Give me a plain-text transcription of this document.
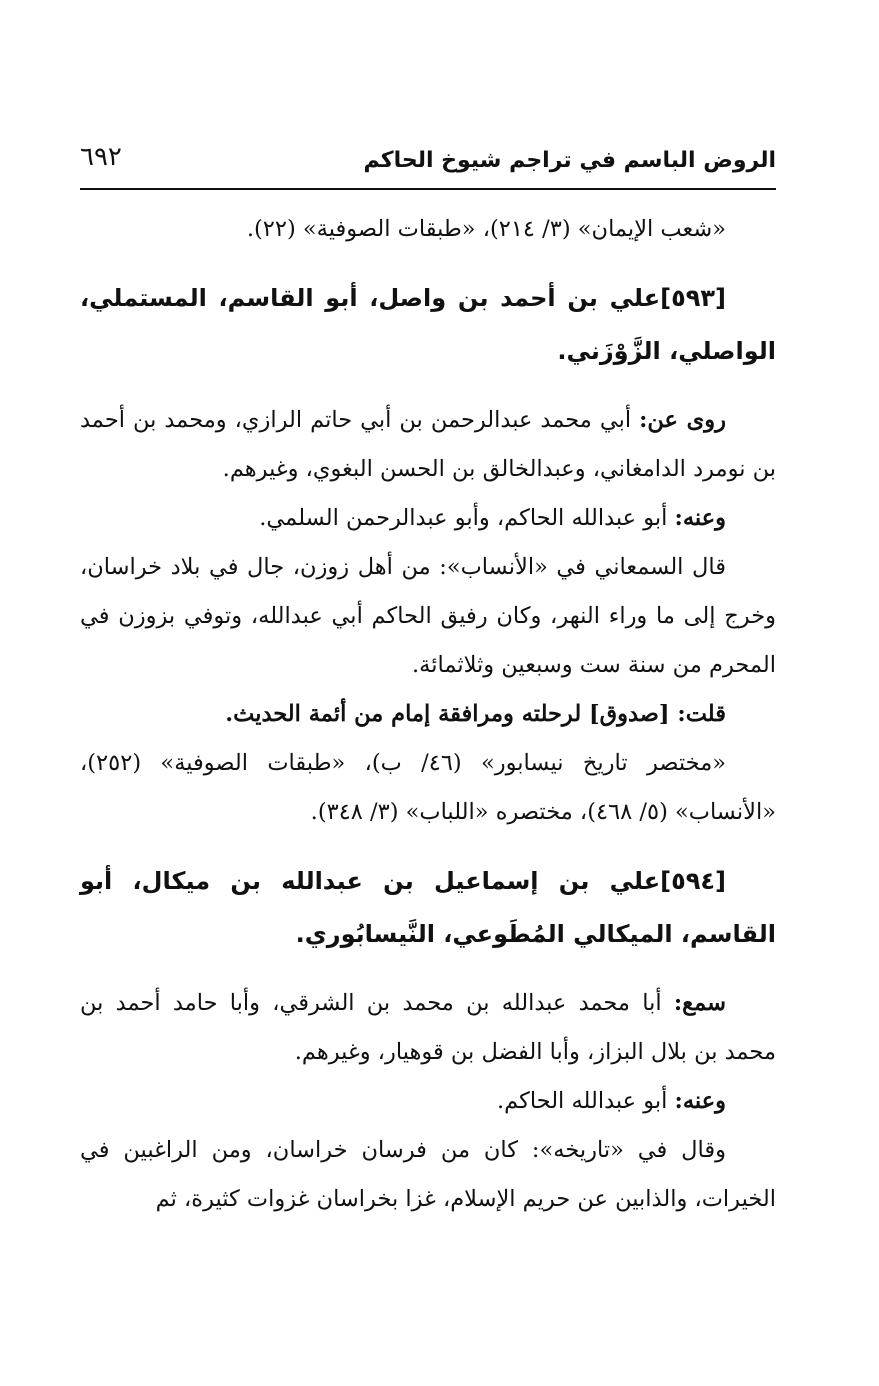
الروض الباسم في تراجم شيوخ الحاكم
٦٩٢

«شعب الإيمان» (٣/ ٢١٤)، «طبقات الصوفية» (٢٢).

[٥٩٣]علي بن أحمد بن واصل، أبو القاسم، المستملي، الواصلي، الزَّوْزَني.

روى عن: أبي محمد عبدالرحمن بن أبي حاتم الرازي، ومحمد بن أحمد بن نومرد الدامغاني، وعبدالخالق بن الحسن البغوي، وغيرهم.

وعنه: أبو عبدالله الحاكم، وأبو عبدالرحمن السلمي.

قال السمعاني في «الأنساب»: من أهل زوزن، جال في بلاد خراسان، وخرج إلى ما وراء النهر، وكان رفيق الحاكم أبي عبدالله، وتوفي بزوزن في المحرم من سنة ست وسبعين وثلاثمائة.

قلت: [صدوق] لرحلته ومرافقة إمام من أئمة الحديث.

«مختصر تاريخ نيسابور» (٤٦/ ب)، «طبقات الصوفية» (٢٥٢)، «الأنساب» (٥/ ٤٦٨)، مختصره «اللباب» (٣/ ٣٤٨).

[٥٩٤]علي بن إسماعيل بن عبدالله بن ميكال، أبو القاسم، الميكالي المُطَوعي، النَّيسابُوري.

سمع: أبا محمد عبدالله بن محمد بن الشرقي، وأبا حامد أحمد بن محمد بن بلال البزاز، وأبا الفضل بن قوهيار، وغيرهم.

وعنه: أبو عبدالله الحاكم.

وقال في «تاريخه»: كان من فرسان خراسان، ومن الراغبين في الخيرات، والذابين عن حريم الإسلام، غزا بخراسان غزوات كثيرة، ثم
